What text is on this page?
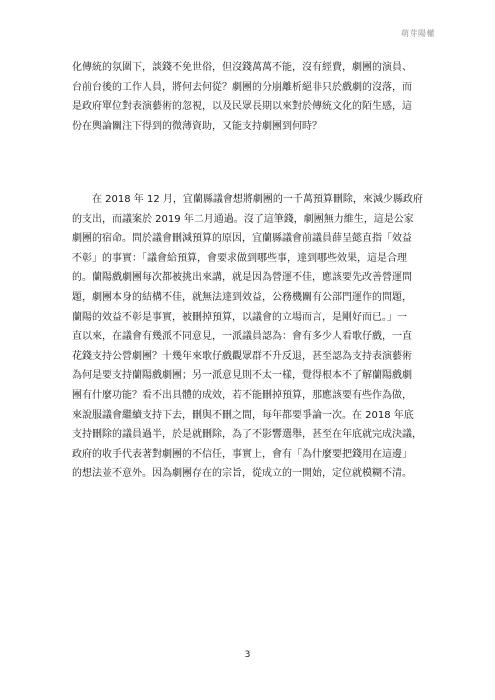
萌芽陽權
化傳統的氛圍下，談錢不免世俗，但沒錢萬萬不能，沒有經費，劇團的演員、
台前台後的工作人員，將何去何從？劇團的分崩離析絕非只於戲劇的沒落，而
是政府單位對表演藝術的忽視，以及民眾長期以來對於傳統文化的陌生感，這
份在輿論關注下得到的微薄資助，又能支持劇團到何時？
在 2018 年 12 月，宜蘭縣議會想將劇團的一千萬預算刪除，來減少縣政府
的支出，而議案於 2019 年二月通過。沒了這筆錢，劇團無力維生，這是公家
劇團的宿命。問於議會刪減預算的原因，宜蘭縣議會前議員薛呈懿直指「效益
不彰」的事實：「議會給預算，會要求做到哪些事，達到哪些效果，這是合理
的。蘭陽戲劇團每次都被挑出來講，就是因為營運不佳，應該要先改善營運問
題，劇團本身的結構不佳，就無法達到效益，公務機關有公部門運作的問題，
蘭陽的效益不彰是事實，被刪掉預算，以議會的立場而言，是剛好而已。」一
直以來，在議會有幾派不同意見，一派議員認為：會有多少人看歌仔戲，一直
花錢支持公營劇團？十幾年來歌仔戲觀眾群不升反退，甚至認為支持表演藝術
為何是要支持蘭陽戲劇團；另一派意見則不太一樣，覺得根本不了解蘭陽戲劇
團有什麼功能？看不出具體的成效，若不能刪掉預算，那應該要有些作為做，
來說服議會繼續支持下去，刪與不刪之間，每年都要爭論一次。在 2018 年底
支持刪除的議員過半，於是就刪除，為了不影響選舉，甚至在年底就完成決議，
政府的收手代表著對劇團的不信任，事實上，會有「為什麼要把錢用在這邊」
的想法並不意外。因為劇團存在的宗旨，從成立的一開始，定位就模糊不清。
3
